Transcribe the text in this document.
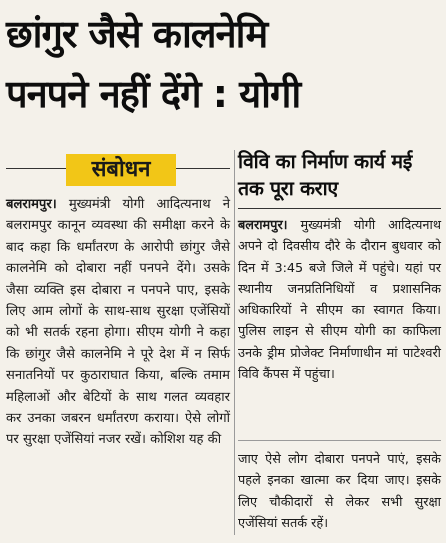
छांगुर जैसे कालनेमि
पनपने नहीं देंगे : योगी
संबोधन

बलरामपुर। मुख्यमंत्री योगी आदित्यनाथ ने बलरामपुर कानून व्यवस्था की समीक्षा करने के बाद कहा कि धर्मांतरण के आरोपी छांगुर जैसे कालनेमि को दोबारा नहीं पनपने देंगे। उसके जैसा व्यक्ति इस दोबारा न पनपने पाए, इसके लिए आम लोगों के साथ-साथ सुरक्षा एजेंसियों को भी सतर्क रहना होगा। सीएम योगी ने कहा कि छांगुर जैसे कालनेमि ने पूरे देश में न सिर्फ सनातनियों पर कुठाराघात किया, बल्कि तमाम महिलाओं और बेटियों के साथ गलत व्यवहार कर उनका जबरन धर्मांतरण कराया। ऐसे लोगों पर सुरक्षा एजेंसियां नजर रखें। कोशिश यह की

विवि का निर्माण कार्य मई तक पूरा कराए

बलरामपुर। मुख्यमंत्री योगी आदित्यनाथ अपने दो दिवसीय दौरे के दौरान बुधवार को दिन में 3:45 बजे जिले में पहुंचे। यहां पर स्थानीय जनप्रतिनिधियों व प्रशासनिक अधिकारियों ने सीएम का स्वागत किया। पुलिस लाइन से सीएम योगी का काफिला उनके ड्रीम प्रोजेक्ट निर्माणाधीन मां पाटेश्वरी विवि कैंपस में पहुंचा।

जाए ऐसे लोग दोबारा पनपने पाएं, इसके पहले इनका खात्मा कर दिया जाए। इसके लिए चौकीदारों से लेकर सभी सुरक्षा एजेंसियां सतर्क रहें।
